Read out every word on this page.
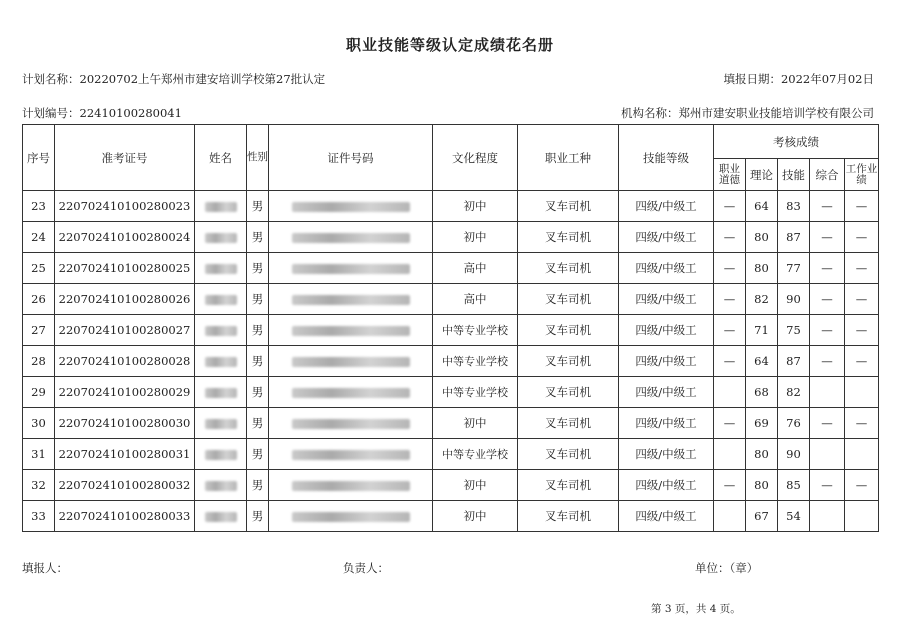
职业技能等级认定成绩花名册
计划名称：20220702上午郑州市建安培训学校第27批认定	填报日期：2022年07月02日
计划编号：22410100280041	机构名称：郑州市建安职业技能培训学校有限公司
序号	准考证号	姓名	性别	证件号码	文化程度	职业工种	技能等级	考核成绩				
								职业道德	理论	技能	综合	工作业绩
23	220702410100280023		男		初中	叉车司机	四级/中级工	—	64	83	—	—
24	220702410100280024		男		初中	叉车司机	四级/中级工	—	80	87	—	—
25	220702410100280025		男		高中	叉车司机	四级/中级工	—	80	77	—	—
26	220702410100280026		男		高中	叉车司机	四级/中级工	—	82	90	—	—
27	220702410100280027		男		中等专业学校	叉车司机	四级/中级工	—	71	75	—	—
28	220702410100280028		男		中等专业学校	叉车司机	四级/中级工	—	64	87	—	—
29	220702410100280029		男		中等专业学校	叉车司机	四级/中级工		68	82		
30	220702410100280030		男		初中	叉车司机	四级/中级工	—	69	76	—	—
31	220702410100280031		男		中等专业学校	叉车司机	四级/中级工		80	90		
32	220702410100280032		男		初中	叉车司机	四级/中级工	—	80	85	—	—
33	220702410100280033		男		初中	叉车司机	四级/中级工		67	54		
填报人：	负责人：	单位：（章）
第 3 页，共 4 页。
